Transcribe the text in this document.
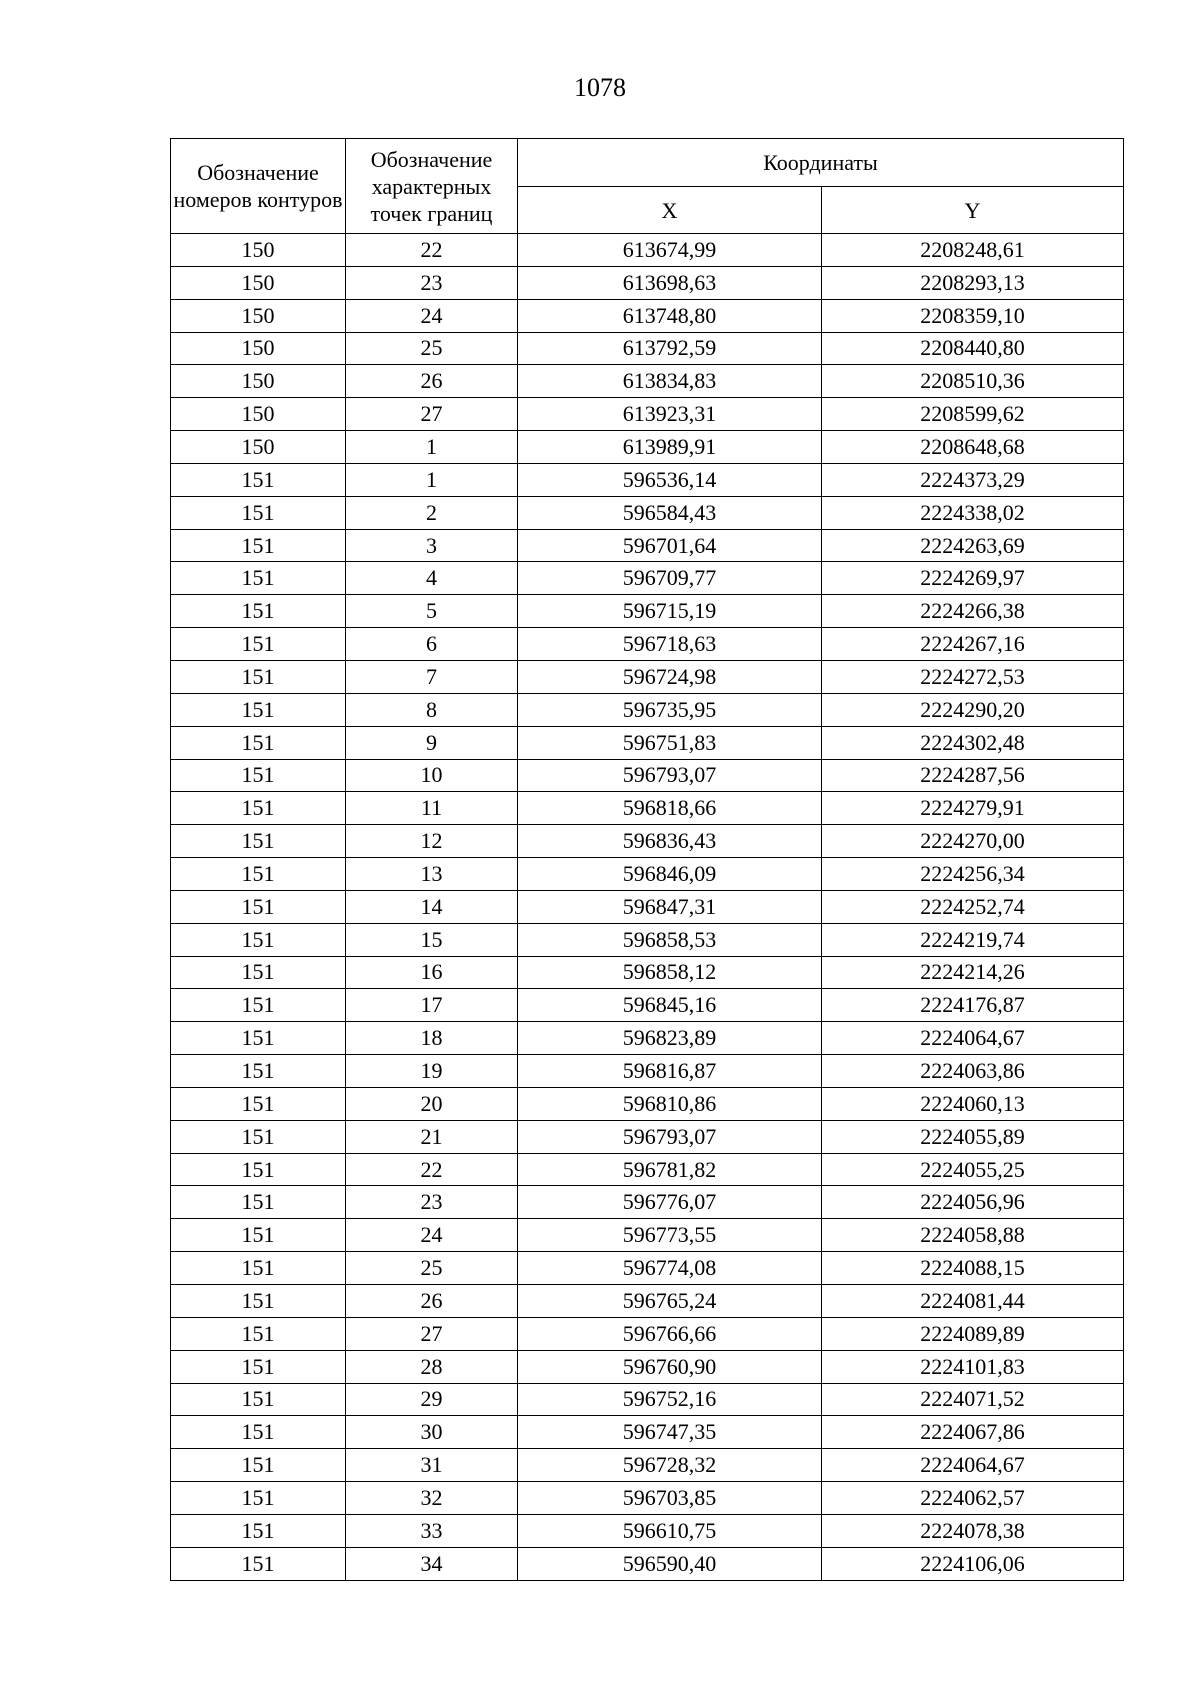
1078
Обозначение номеров контуров	Обозначение характерных точек границ	Координаты	
		X	Y
150	22	613674,99	2208248,61
150	23	613698,63	2208293,13
150	24	613748,80	2208359,10
150	25	613792,59	2208440,80
150	26	613834,83	2208510,36
150	27	613923,31	2208599,62
150	1	613989,91	2208648,68
151	1	596536,14	2224373,29
151	2	596584,43	2224338,02
151	3	596701,64	2224263,69
151	4	596709,77	2224269,97
151	5	596715,19	2224266,38
151	6	596718,63	2224267,16
151	7	596724,98	2224272,53
151	8	596735,95	2224290,20
151	9	596751,83	2224302,48
151	10	596793,07	2224287,56
151	11	596818,66	2224279,91
151	12	596836,43	2224270,00
151	13	596846,09	2224256,34
151	14	596847,31	2224252,74
151	15	596858,53	2224219,74
151	16	596858,12	2224214,26
151	17	596845,16	2224176,87
151	18	596823,89	2224064,67
151	19	596816,87	2224063,86
151	20	596810,86	2224060,13
151	21	596793,07	2224055,89
151	22	596781,82	2224055,25
151	23	596776,07	2224056,96
151	24	596773,55	2224058,88
151	25	596774,08	2224088,15
151	26	596765,24	2224081,44
151	27	596766,66	2224089,89
151	28	596760,90	2224101,83
151	29	596752,16	2224071,52
151	30	596747,35	2224067,86
151	31	596728,32	2224064,67
151	32	596703,85	2224062,57
151	33	596610,75	2224078,38
151	34	596590,40	2224106,06
